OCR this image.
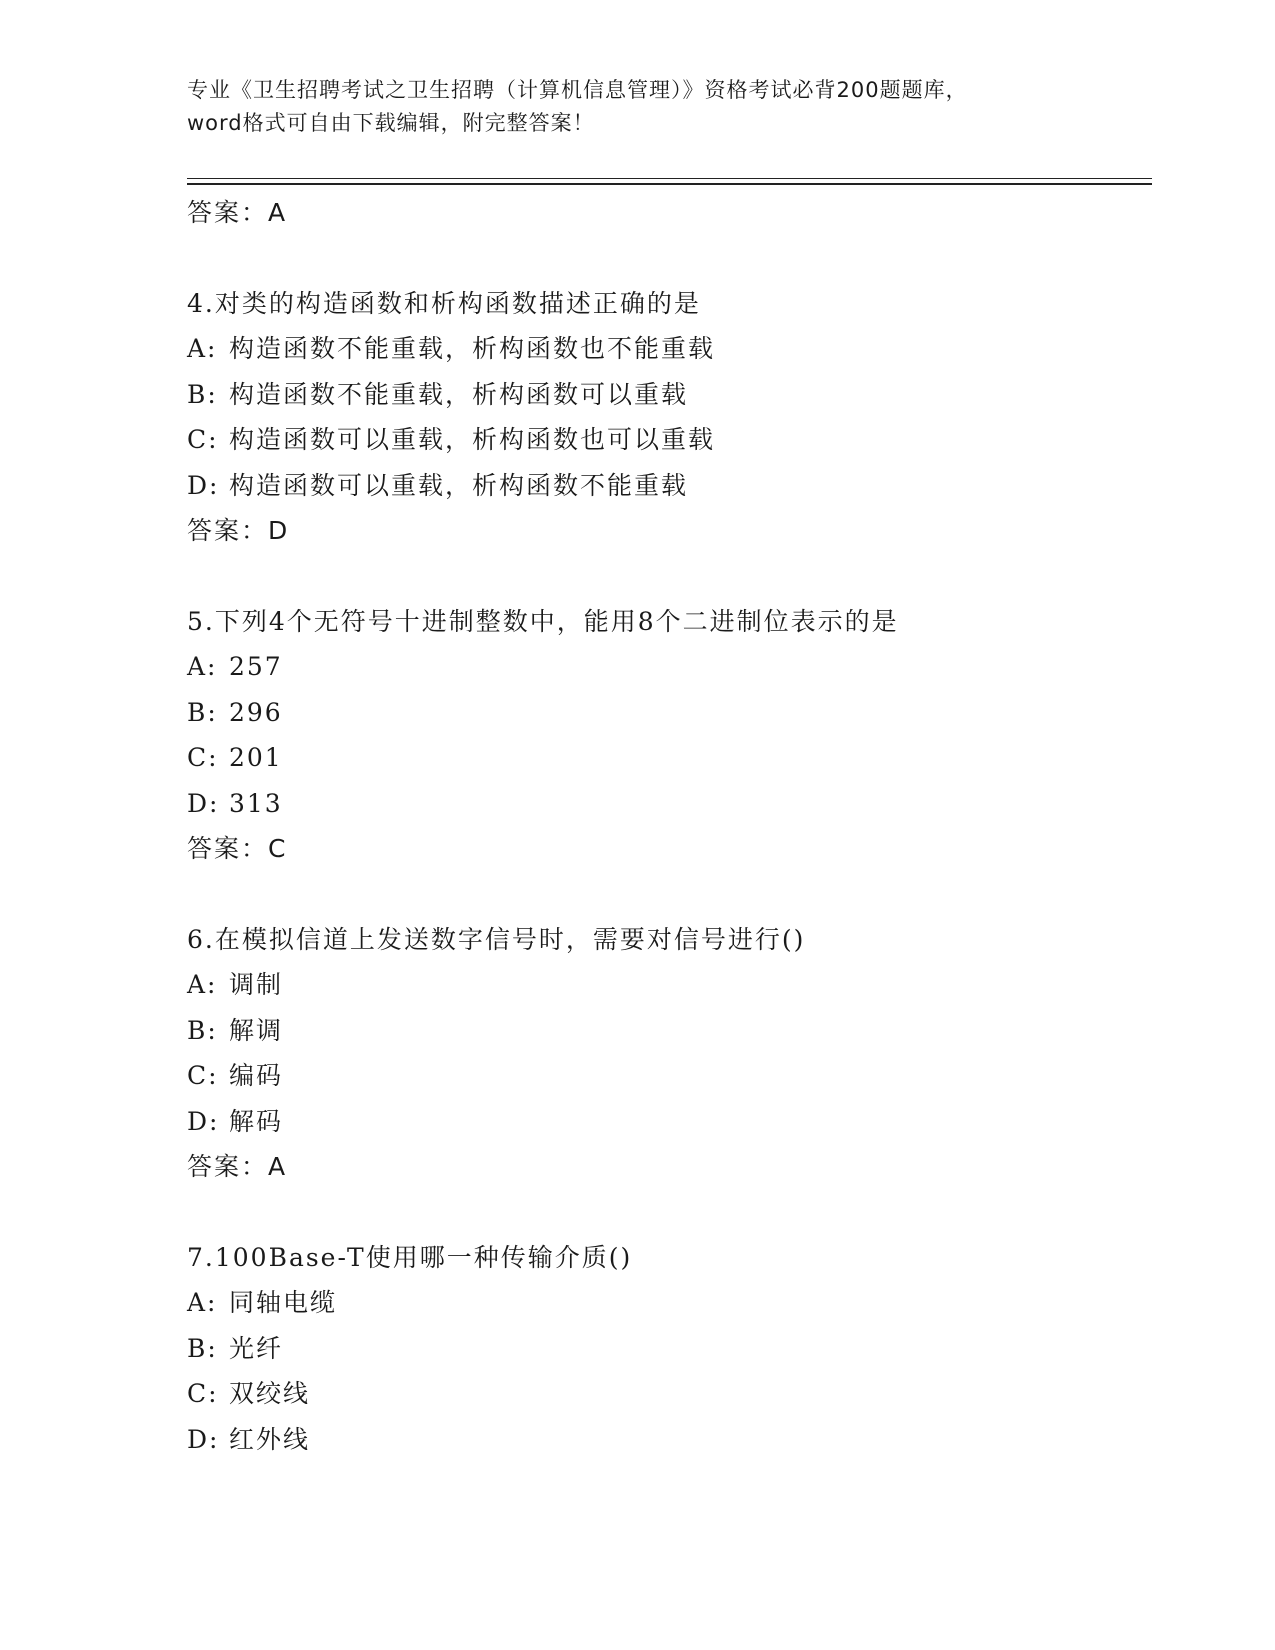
专业《卫生招聘考试之卫生招聘（计算机信息管理）》资格考试必背200题题库，
word格式可自由下载编辑，附完整答案！
答案：A
4.对类的构造函数和析构函数描述正确的是
A: 构造函数不能重载，析构函数也不能重载
B: 构造函数不能重载，析构函数可以重载
C: 构造函数可以重载，析构函数也可以重载
D: 构造函数可以重载，析构函数不能重载
答案：D
5.下列4个无符号十进制整数中，能用8个二进制位表示的是
A: 257
B: 296
C: 201
D: 313
答案：C
6.在模拟信道上发送数字信号时，需要对信号进行()
A: 调制
B: 解调
C: 编码
D: 解码
答案：A
7.100Base-T使用哪一种传输介质()
A: 同轴电缆
B: 光纤
C: 双绞线
D: 红外线
